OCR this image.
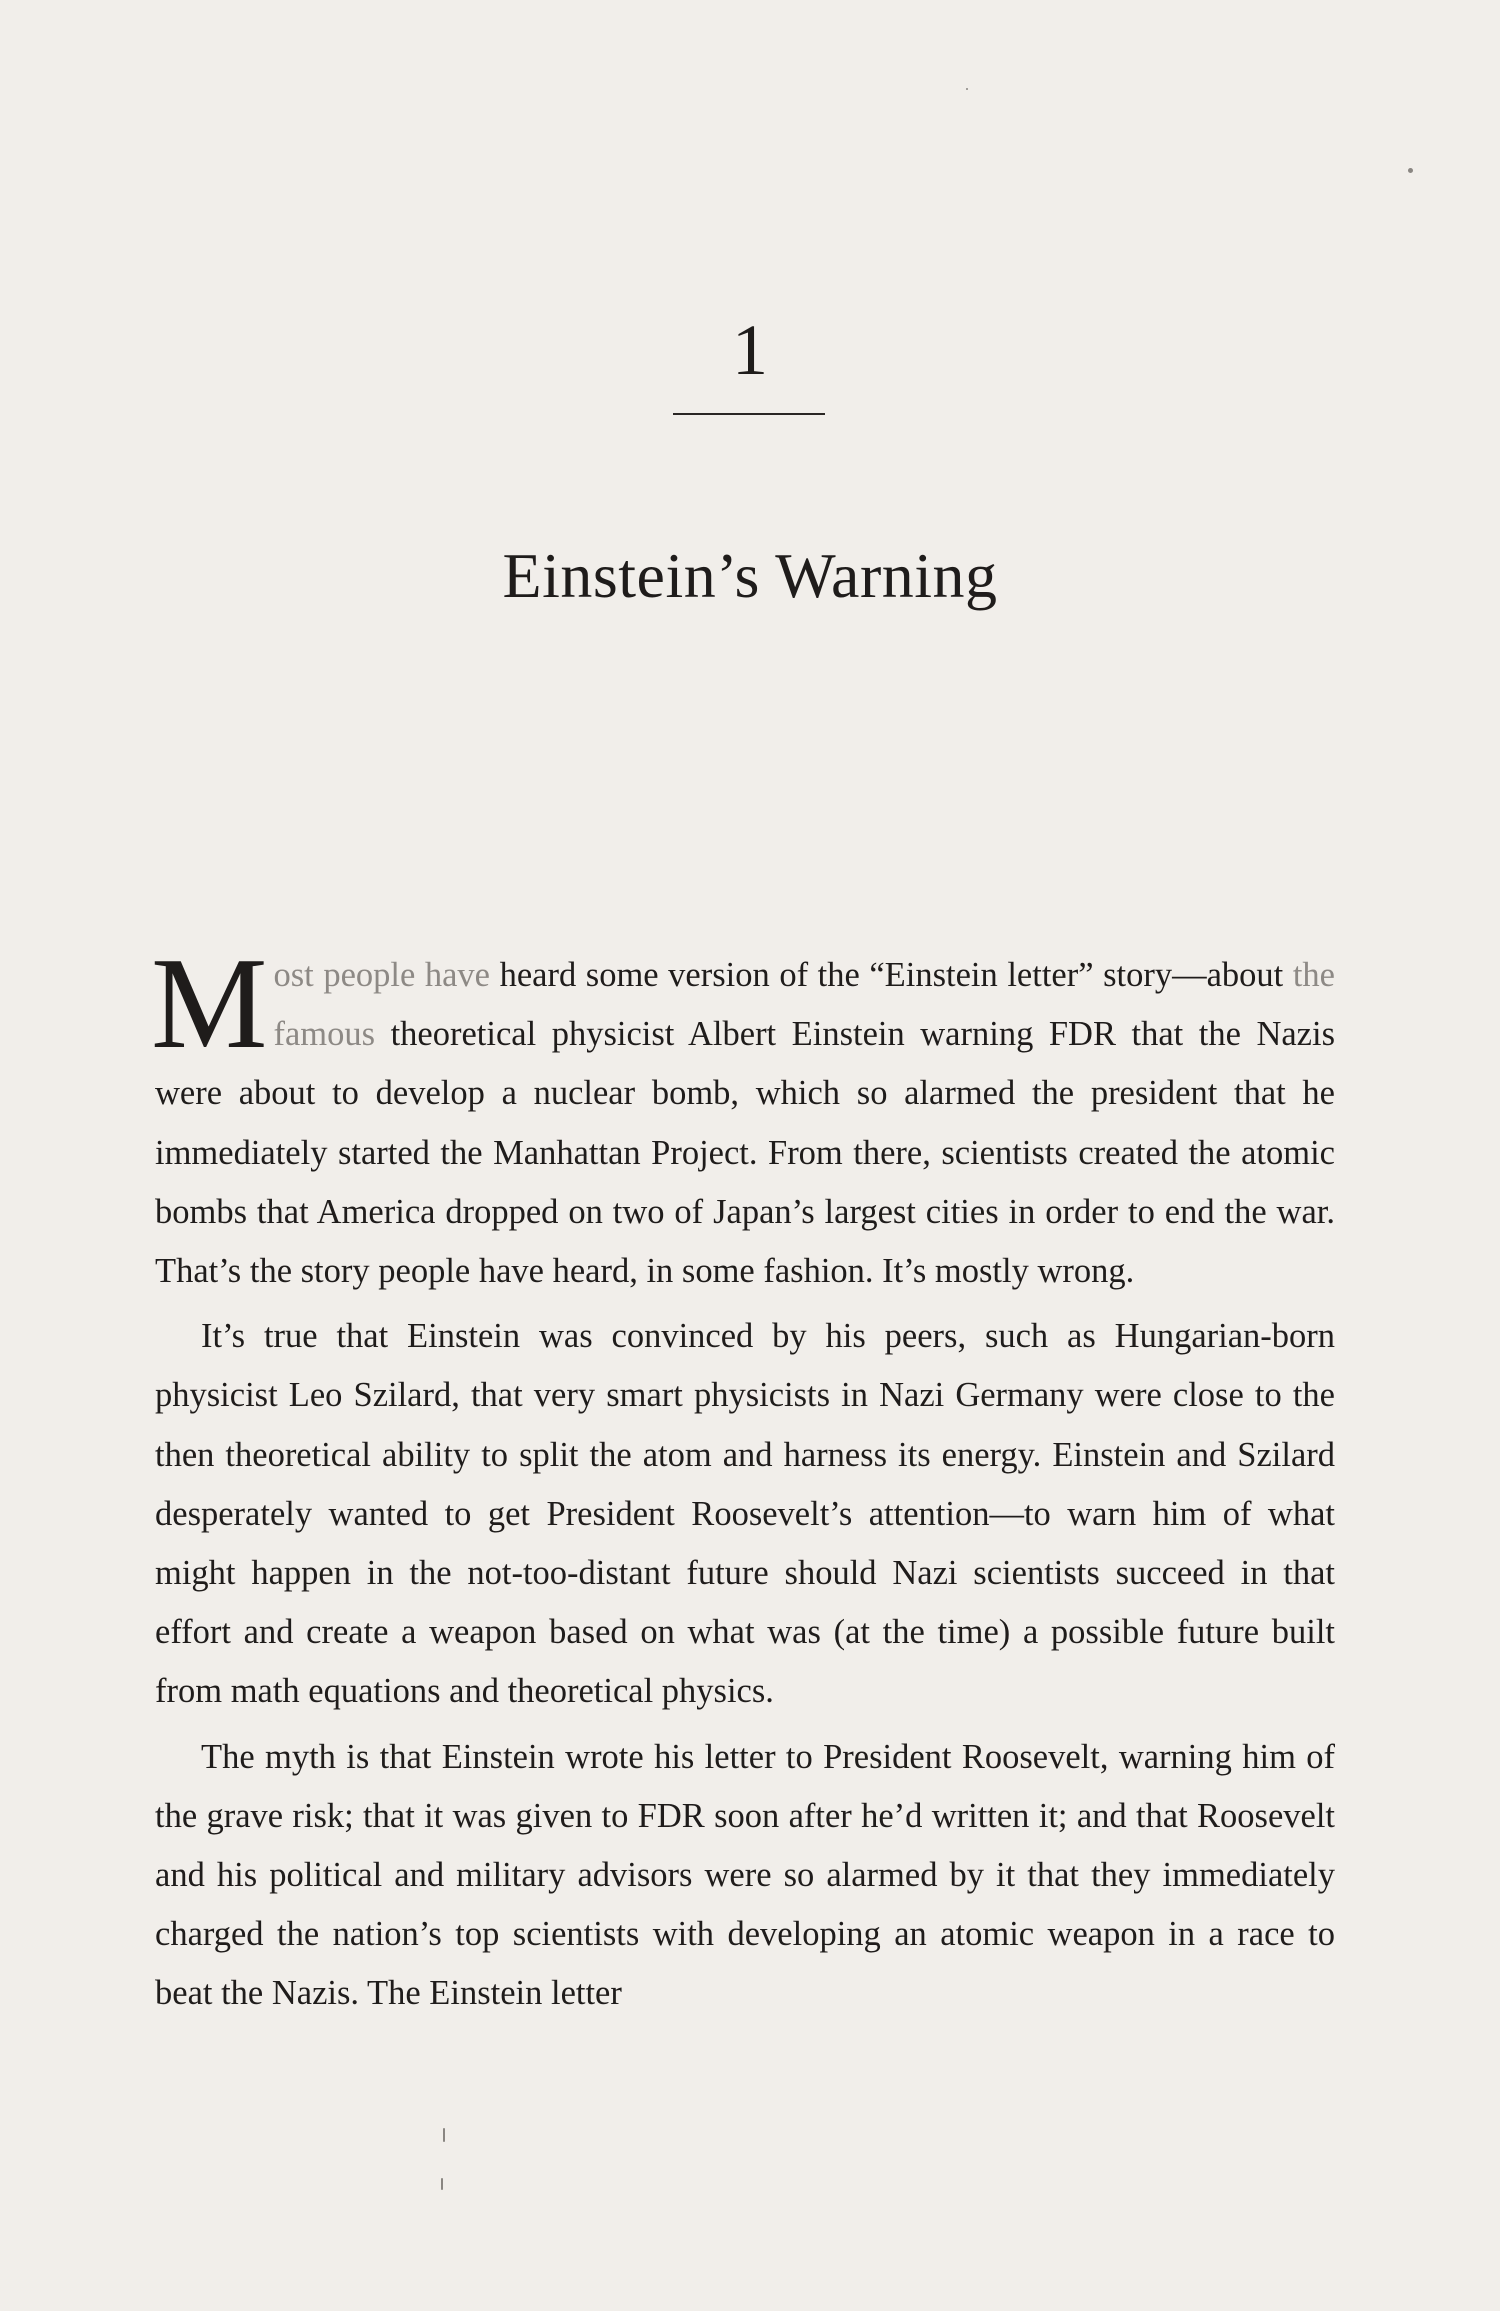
1
Einstein’s Warning

Most people have heard some version of the “Einstein letter” story—about the famous theoretical physicist Albert Einstein warning FDR that the Nazis were about to develop a nuclear bomb, which so alarmed the president that he immediately started the Manhattan Project. From there, scientists created the atomic bombs that America dropped on two of Japan’s largest cities in order to end the war. That’s the story people have heard, in some fashion. It’s mostly wrong.

It’s true that Einstein was convinced by his peers, such as Hungarian-born physicist Leo Szilard, that very smart physicists in Nazi Germany were close to the then theoretical ability to split the atom and harness its energy. Einstein and Szilard desperately wanted to get President Roosevelt’s attention—to warn him of what might happen in the not-too-distant future should Nazi scientists succeed in that effort and create a weapon based on what was (at the time) a possible future built from math equations and theoretical physics.

The myth is that Einstein wrote his letter to President Roosevelt, warning him of the grave risk; that it was given to FDR soon after he’d written it; and that Roosevelt and his political and military advisors were so alarmed by it that they immediately charged the nation’s top scientists with developing an atomic weapon in a race to beat the Nazis. The Einstein letter
